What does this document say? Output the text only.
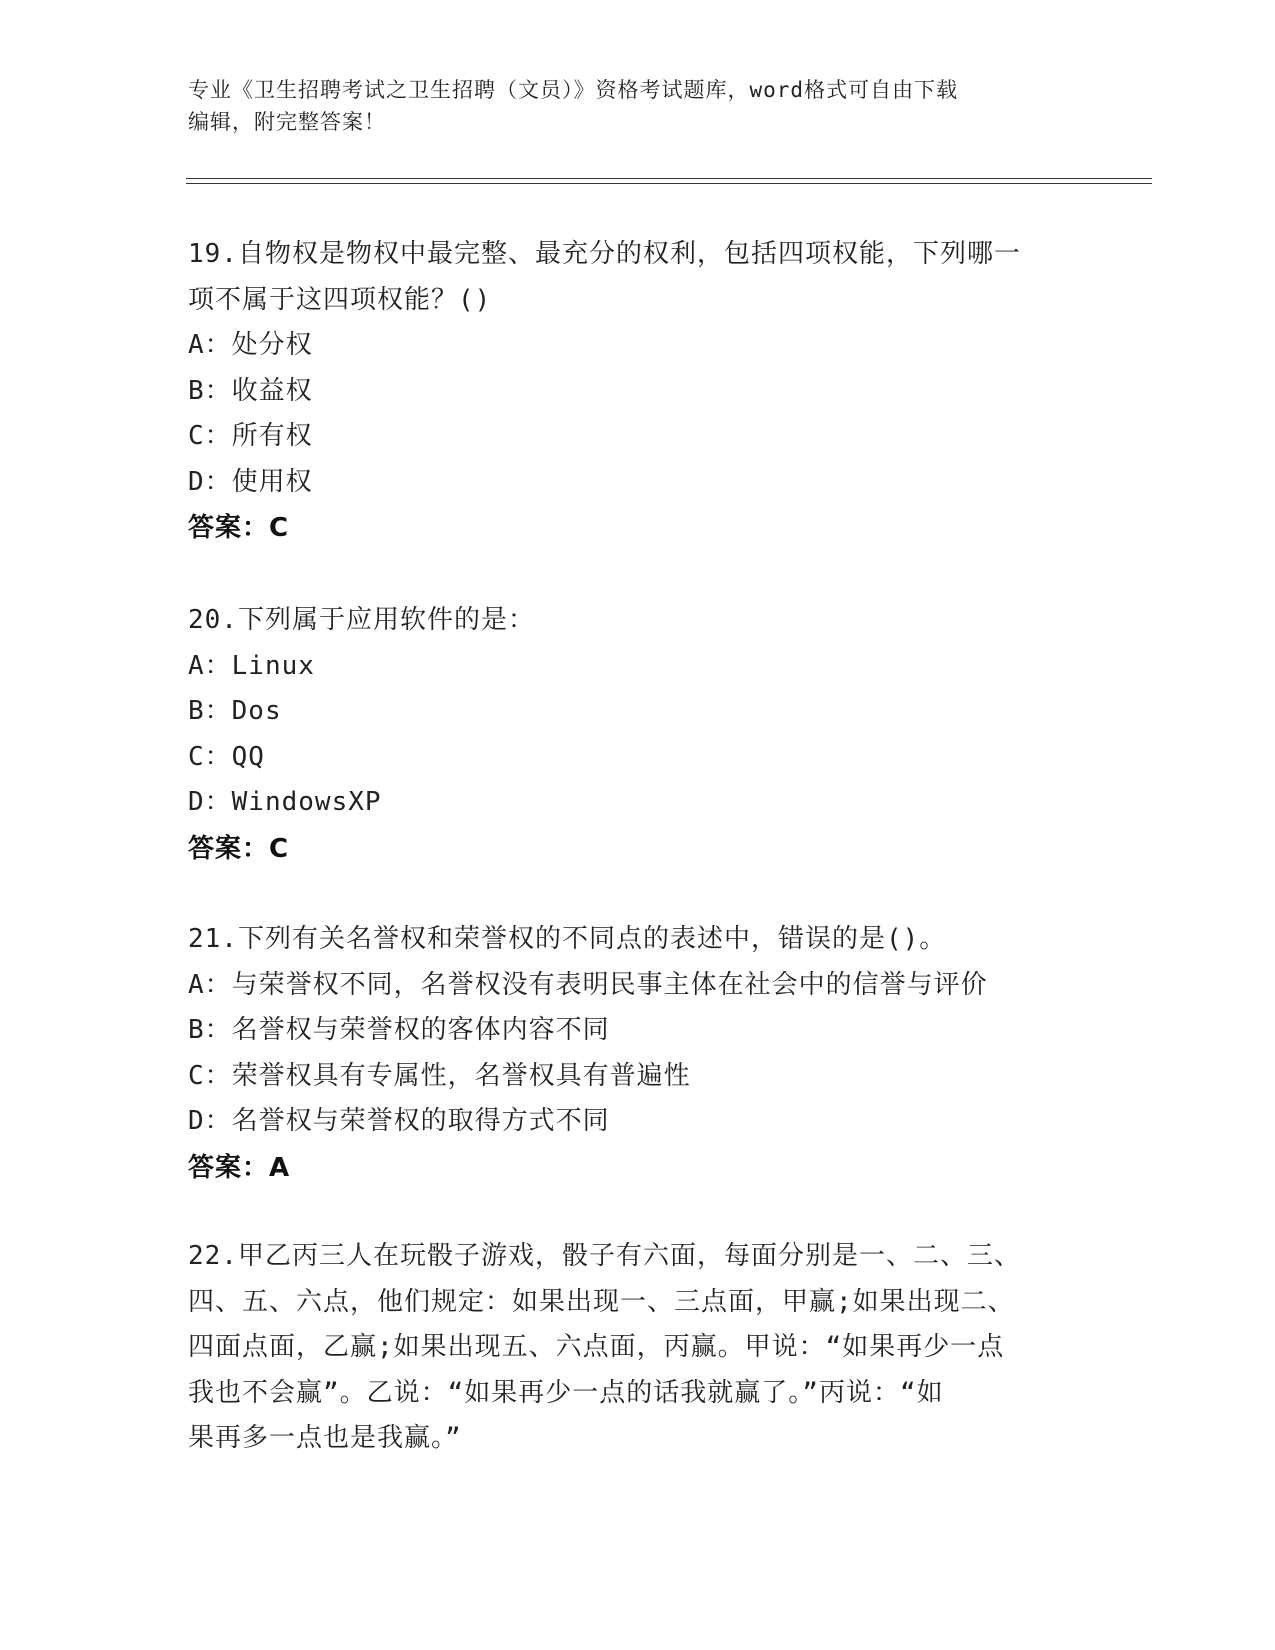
专业《卫生招聘考试之卫生招聘（文员）》资格考试题库，word格式可自由下载
编辑，附完整答案！
19.自物权是物权中最完整、最充分的权利，包括四项权能，下列哪一
项不属于这四项权能？()
A：处分权
B：收益权
C：所有权
D：使用权
答案：C
20.下列属于应用软件的是：
A：Linux
B：Dos
C：QQ
D：WindowsXP
答案：C
21.下列有关名誉权和荣誉权的不同点的表述中，错误的是()。
A：与荣誉权不同，名誉权没有表明民事主体在社会中的信誉与评价
B：名誉权与荣誉权的客体内容不同
C：荣誉权具有专属性，名誉权具有普遍性
D：名誉权与荣誉权的取得方式不同
答案：A
22.甲乙丙三人在玩骰子游戏，骰子有六面，每面分别是一、二、三、
四、五、六点，他们规定：如果出现一、三点面，甲赢;如果出现二、
四面点面，乙赢;如果出现五、六点面，丙赢。甲说：“如果再少一点
我也不会赢”。乙说：“如果再少一点的话我就赢了。”丙说：“如
果再多一点也是我赢。”
